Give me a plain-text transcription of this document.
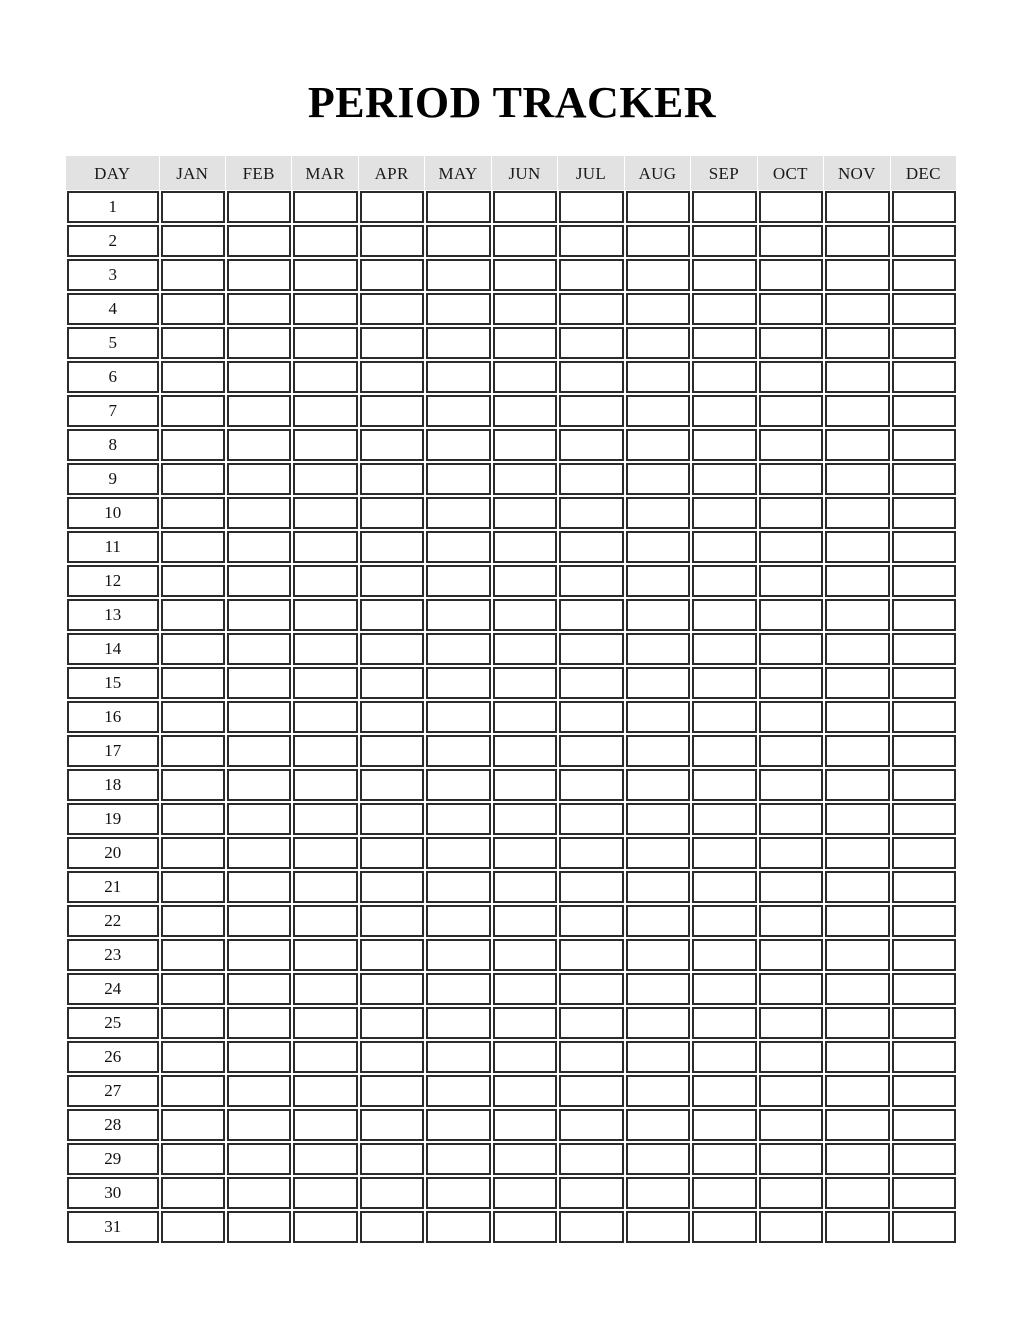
PERIOD TRACKER
DAY	JAN	FEB	MAR	APR	MAY	JUN	JUL	AUG	SEP	OCT	NOV	DEC
1
2
3
4
5
6
7
8
9
10
11
12
13
14
15
16
17
18
19
20
21
22
23
24
25
26
27
28
29
30
31
